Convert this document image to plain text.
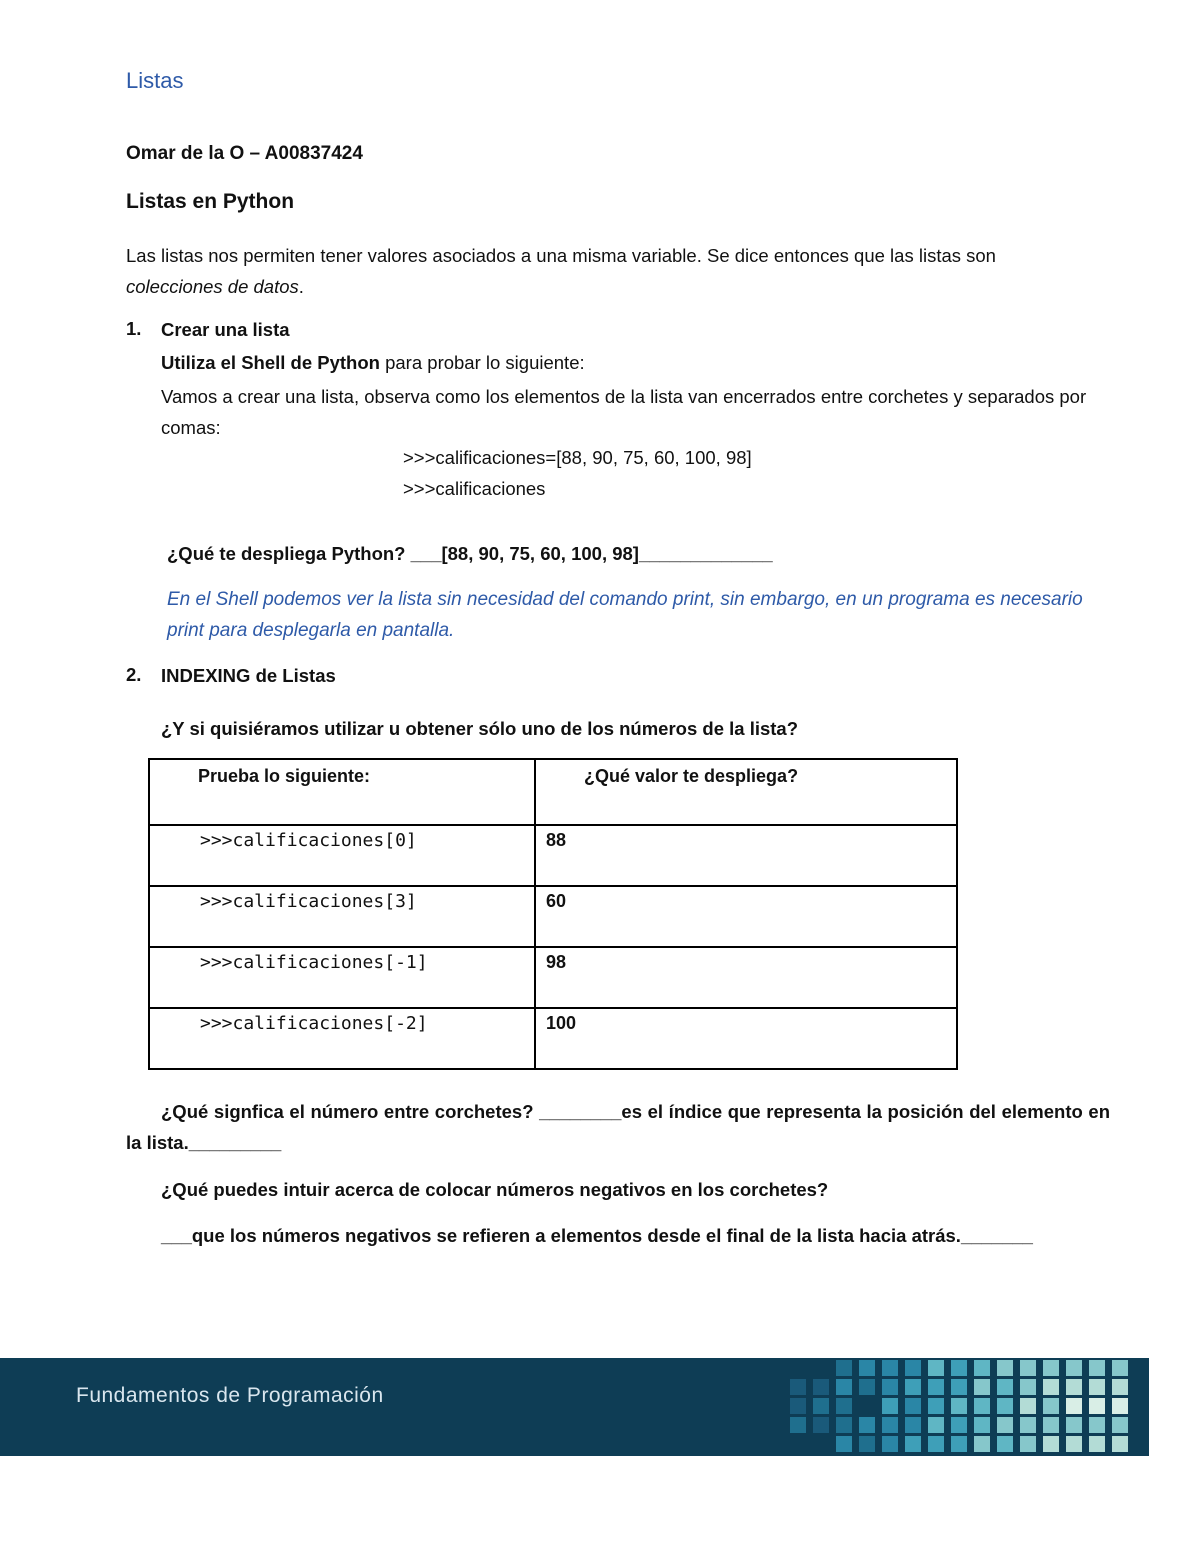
Listas
Omar de la O – A00837424
Listas en Python
Las listas nos permiten tener valores asociados a una misma variable. Se dice entonces que las listas son colecciones de datos.
1. Crear una lista
Utiliza el Shell de Python para probar lo siguiente:
Vamos a crear una lista, observa como los elementos de la lista van encerrados entre corchetes y separados por comas:
>>>calificaciones=[88, 90, 75, 60, 100, 98]
>>>calificaciones
¿Qué te despliega Python? ___[88, 90, 75, 60, 100, 98]_____________
En el Shell podemos ver la lista sin necesidad del comando print, sin embargo, en un programa es necesario print para desplegarla en pantalla.
2. INDEXING de Listas
¿Y si quisiéramos utilizar u obtener sólo uno de los números de la lista?
Prueba lo siguiente:	¿Qué valor te despliega?
>>>calificaciones[0]	88
>>>calificaciones[3]	60
>>>calificaciones[-1]	98
>>>calificaciones[-2]	100
¿Qué signfica el número entre corchetes? ________es el índice que representa la posición del elemento en la lista._________
¿Qué puedes intuir acerca de colocar números negativos en los corchetes?
___que los números negativos se refieren a elementos desde el final de la lista hacia atrás._______
Fundamentos de Programación
